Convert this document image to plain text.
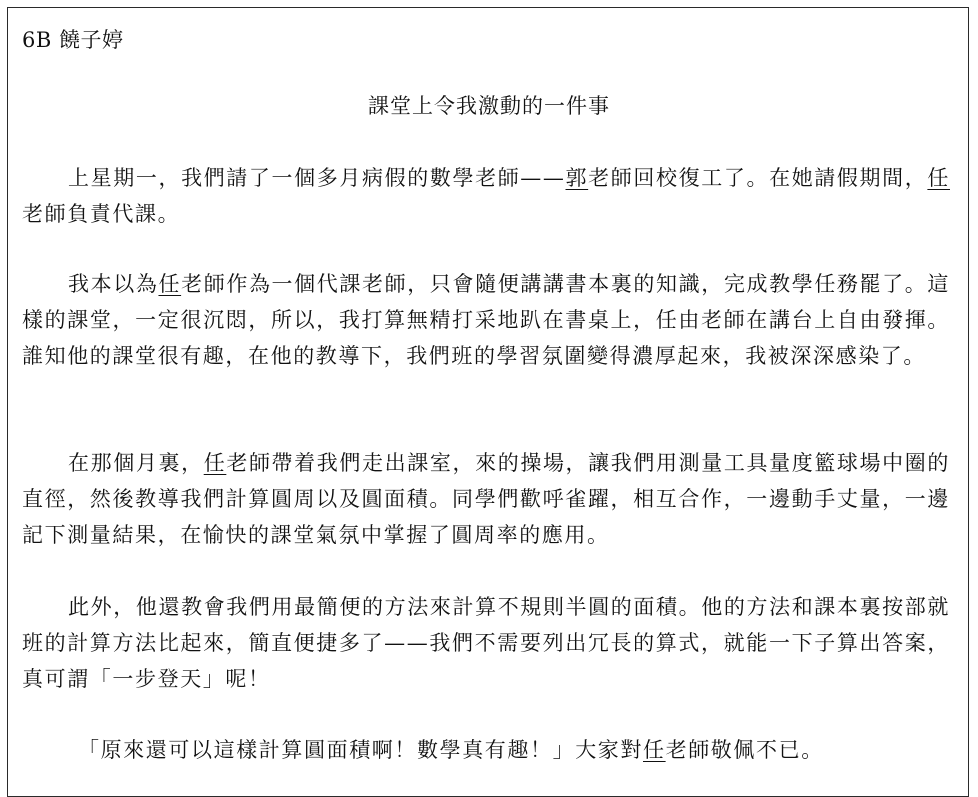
6B 饒子婷
課堂上令我激動的一件事

上星期一，我們請了一個多月病假的數學老師——郭老師回校復工了。在她請假期間，任老師負責代課。

我本以為任老師作為一個代課老師，只會隨便講講書本裏的知識，完成教學任務罷了。這樣的課堂，一定很沉悶，所以，我打算無精打采地趴在書桌上，任由老師在講台上自由發揮。誰知他的課堂很有趣，在他的教導下，我們班的學習氛圍變得濃厚起來，我被深深感染了。

在那個月裏，任老師帶着我們走出課室，來的操場，讓我們用測量工具量度籃球場中圈的直徑，然後教導我們計算圓周以及圓面積。同學們歡呼雀躍，相互合作，一邊動手丈量，一邊記下測量結果，在愉快的課堂氣氛中掌握了圓周率的應用。

此外，他還教會我們用最簡便的方法來計算不規則半圓的面積。他的方法和課本裏按部就班的計算方法比起來，簡直便捷多了——我們不需要列出冗長的算式，就能一下子算出答案，真可謂「一步登天」呢！

「原來還可以這樣計算圓面積啊！數學真有趣！」大家對任老師敬佩不已。
